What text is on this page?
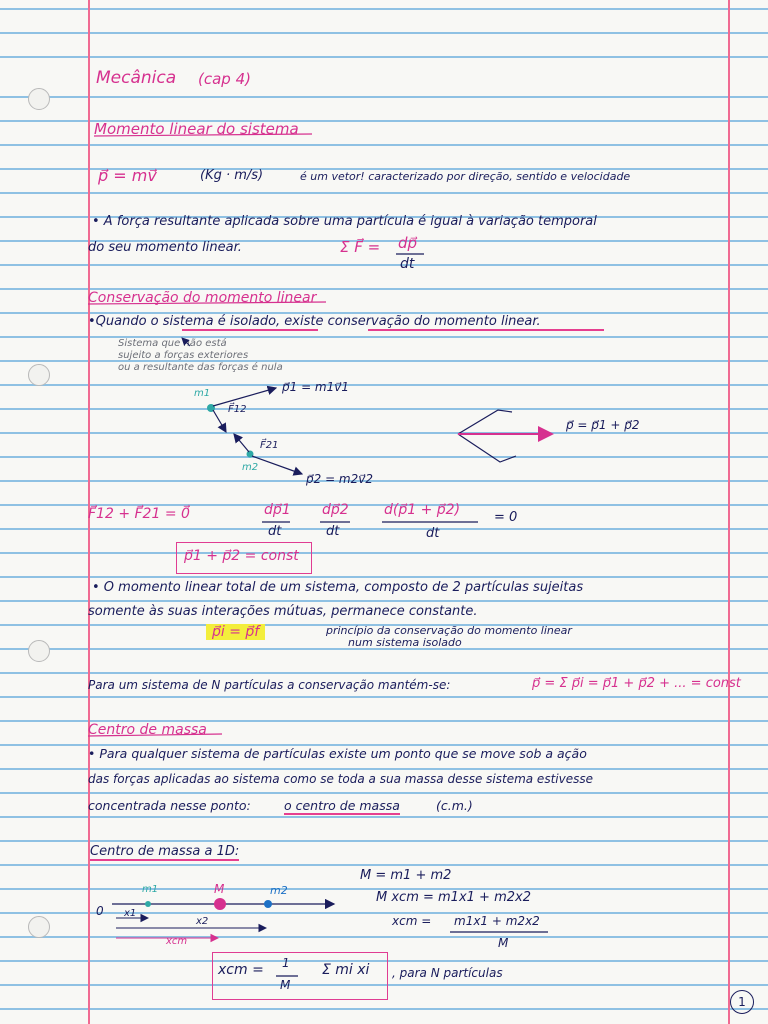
Mecânica (cap 4)
Momento linear do sistema
p⃗ = mv⃗	(Kg · m/s)	é um vetor! caracterizado por direção, sentido e velocidade
• A força resultante aplicada sobre uma partícula é igual à variação temporal
do seu momento linear.	Σ F⃗ = dp⃗
dt
Conservação do momento linear
•Quando o sistema é isolado, existe conservação do momento linear.
Sistema que não está
sujeito a forças exteriores
ou a resultante das forças é nula
m1
m2
p⃗1 = m1v⃗1
p⃗2 = m2v⃗2
F⃗12
F⃗21
p⃗ = p⃗1 + p⃗2
F⃗12 + F⃗21 = 0⃗	dp⃗1 dp⃗2	d(p⃗1 + p⃗2)
dt	dt	dt
= 0
p⃗1 + p⃗2 = const
• O momento linear total de um sistema, composto de 2 partículas sujeitas
somente às suas interações mútuas, permanece constante.
p⃗i = p⃗f	princípio da conservação do momento linear
num sistema isolado
Para um sistema de N partículas a conservação mantém-se:	p⃗ = Σ p⃗i = p⃗1 + p⃗2 + ... = const
Centro de massa
• Para qualquer sistema de partículas existe um ponto que se move sob a ação
das forças aplicadas ao sistema como se toda a sua massa desse sistema estivesse
concentrada nesse ponto:	o centro de massa	(c.m.)
Centro de massa a 1D:
0
m1	M	m2
x1
x2
xcm
M = m1 + m2
M xcm = m1x1 + m2x2
xcm = m1x1 + m2x2
M
xcm = 1
M
Σ mi xi , para N partículas
1
